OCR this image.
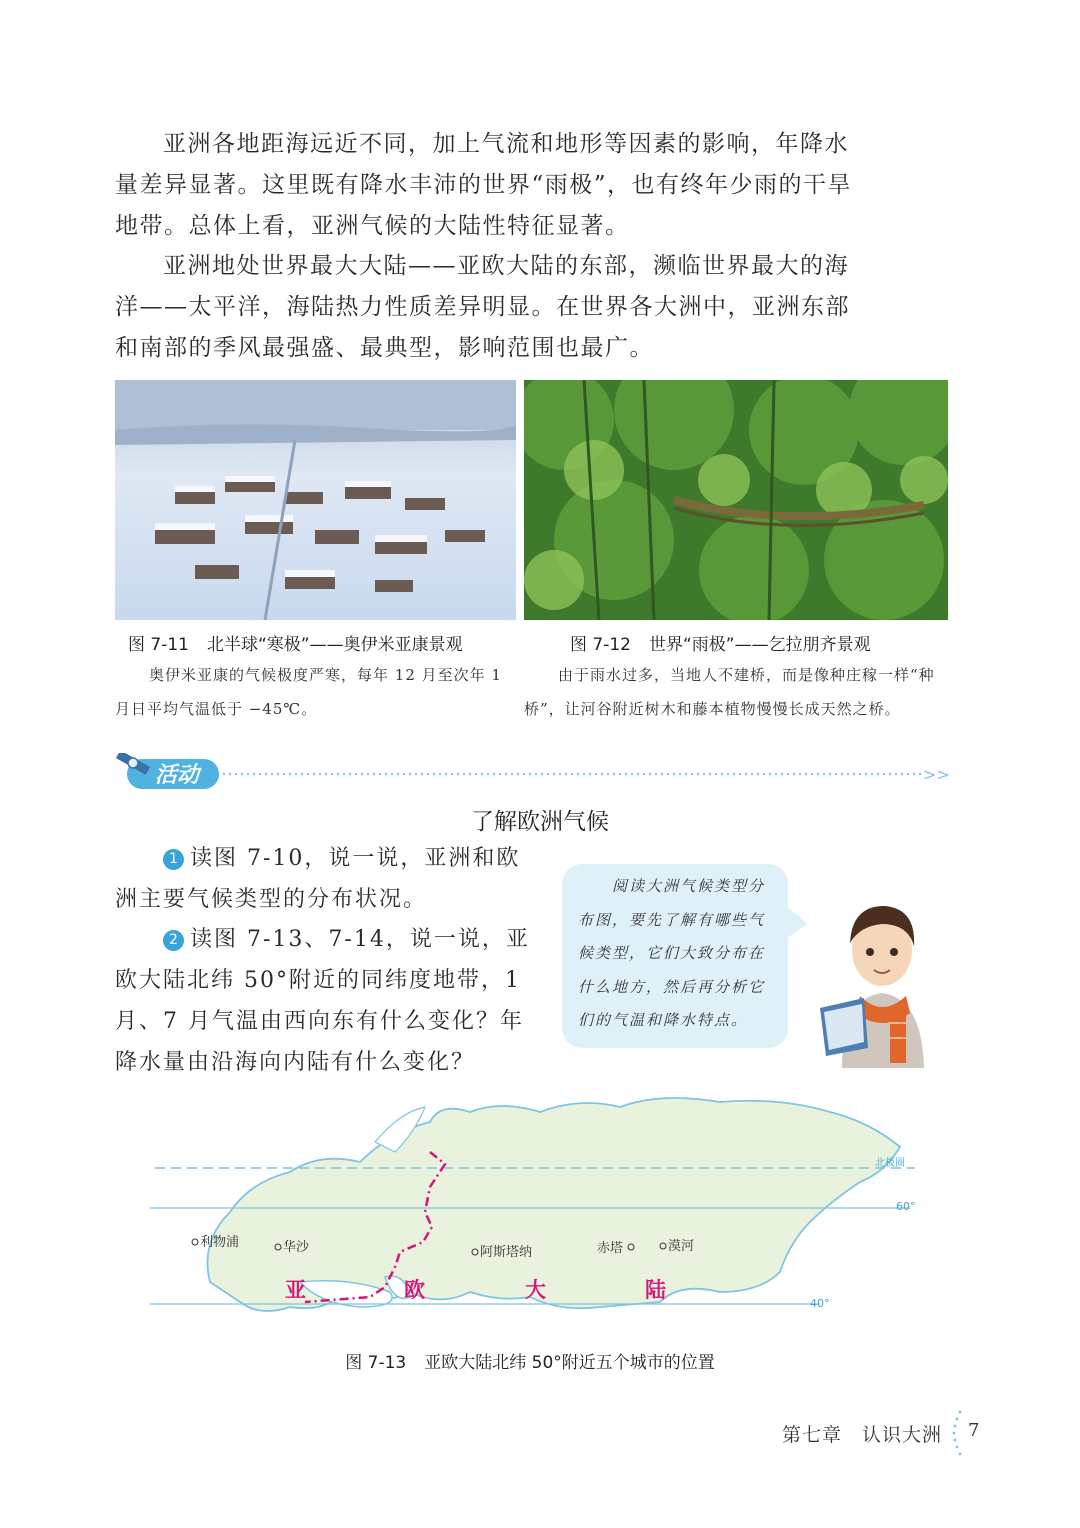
亚洲各地距海远近不同，加上气流和地形等因素的影响，年降水量差异显著。这里既有降水丰沛的世界“雨极”，也有终年少雨的干旱地带。总体上看，亚洲气候的大陆性特征显著。

亚洲地处世界最大大陆——亚欧大陆的东部，濒临世界最大的海洋——太平洋，海陆热力性质差异明显。在世界各大洲中，亚洲东部和南部的季风最强盛、最典型，影响范围也最广。

图 7-11 北半球“寒极”——奥伊米亚康景观

奥伊米亚康的气候极度严寒，每年 12 月至次年 1 月日平均气温低于 −45℃。

图 7-12 世界“雨极”——乞拉朋齐景观

由于雨水过多，当地人不建桥，而是像种庄稼一样“种桥”，让河谷附近树木和藤本植物慢慢长成天然之桥。

活动	>>
了解欧洲气候

1 读图 7-10，说一说，亚洲和欧洲主要气候类型的分布状况。

2 读图 7-13、7-14，说一说，亚欧大陆北纬 50°附近的同纬度地带，1 月、7 月气温由西向东有什么变化？年降水量由沿海向内陆有什么变化？

阅读大洲气候类型分布图，要先了解有哪些气候类型，它们大致分布在什么地方，然后再分析它们的气温和降水特点。

北极圈
60°
40°
利物浦	华沙	阿斯塔纳	赤塔	漠河
亚	欧	大	陆
图 7-13 亚欧大陆北纬 50°附近五个城市的位置
第七章　认识大洲 7
